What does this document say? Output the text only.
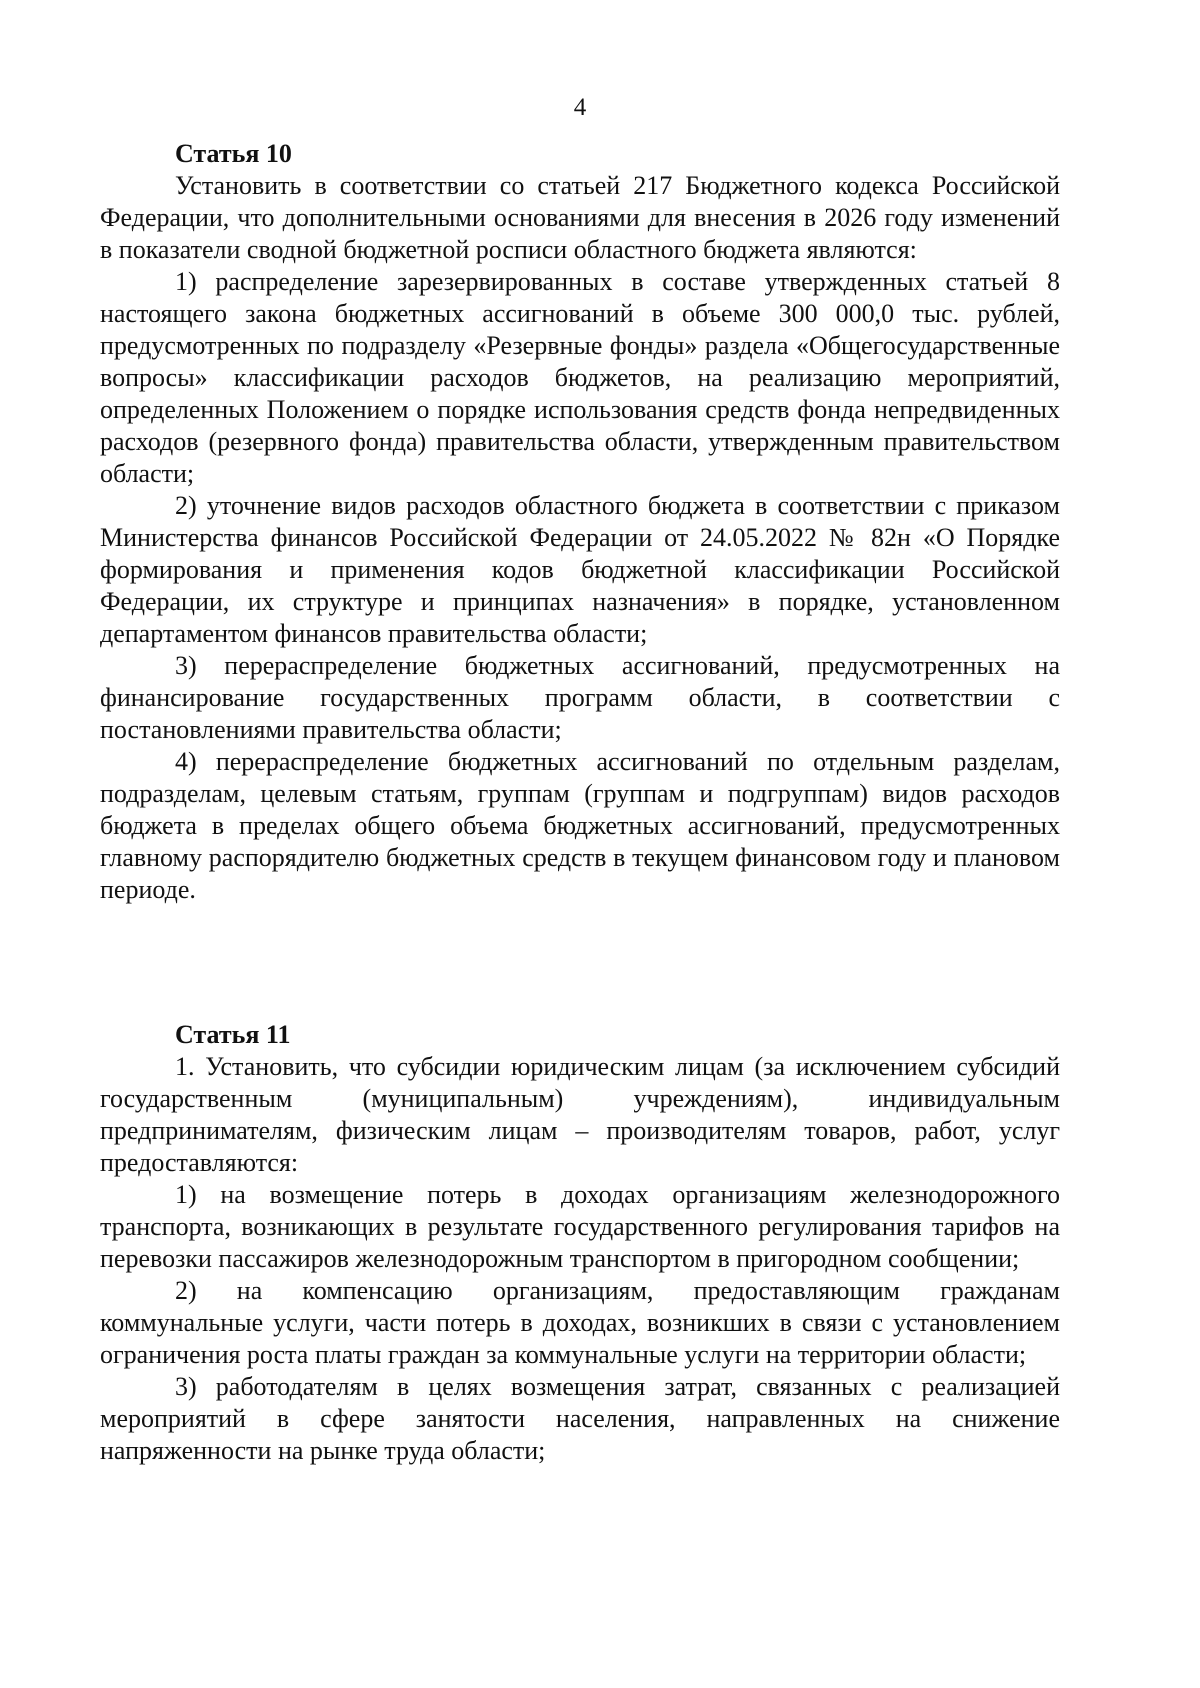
4
Статья 10

Установить в соответствии со статьей 217 Бюджетного кодекса Российской Федерации, что дополнительными основаниями для внесения в 2026 году изменений в показатели сводной бюджетной росписи областного бюджета являются:

1) распределение зарезервированных в составе утвержденных статьей 8 настоящего закона бюджетных ассигнований в объеме 300 000,0 тыс. рублей, предусмотренных по подразделу «Резервные фонды» раздела «Общегосударственные вопросы» классификации расходов бюджетов, на реализацию мероприятий, определенных Положением о порядке использования средств фонда непредвиденных расходов (резервного фонда) правительства области, утвержденным правительством области;

2) уточнение видов расходов областного бюджета в соответствии с приказом Министерства финансов Российской Федерации от 24.05.2022 № 82н «О Порядке формирования и применения кодов бюджетной классификации Российской Федерации, их структуре и принципах назначения» в порядке, установленном департаментом финансов правительства области;

3) перераспределение бюджетных ассигнований, предусмотренных на финансирование государственных программ области, в соответствии с постановлениями правительства области;

4) перераспределение бюджетных ассигнований по отдельным разделам, подразделам, целевым статьям, группам (группам и подгруппам) видов расходов бюджета в пределах общего объема бюджетных ассигнований, предусмотренных главному распорядителю бюджетных средств в текущем финансовом году и плановом периоде.

Статья 11

1. Установить, что субсидии юридическим лицам (за исключением субсидий государственным (муниципальным) учреждениям), индивидуальным предпринимателям, физическим лицам – производителям товаров, работ, услуг предоставляются:

1) на возмещение потерь в доходах организациям железнодорожного транспорта, возникающих в результате государственного регулирования тарифов на перевозки пассажиров железнодорожным транспортом в пригородном сообщении;

2) на компенсацию организациям, предоставляющим гражданам коммунальные услуги, части потерь в доходах, возникших в связи с установлением ограничения роста платы граждан за коммунальные услуги на территории области;

3) работодателям в целях возмещения затрат, связанных с реализацией мероприятий в сфере занятости населения, направленных на снижение напряженности на рынке труда области;
